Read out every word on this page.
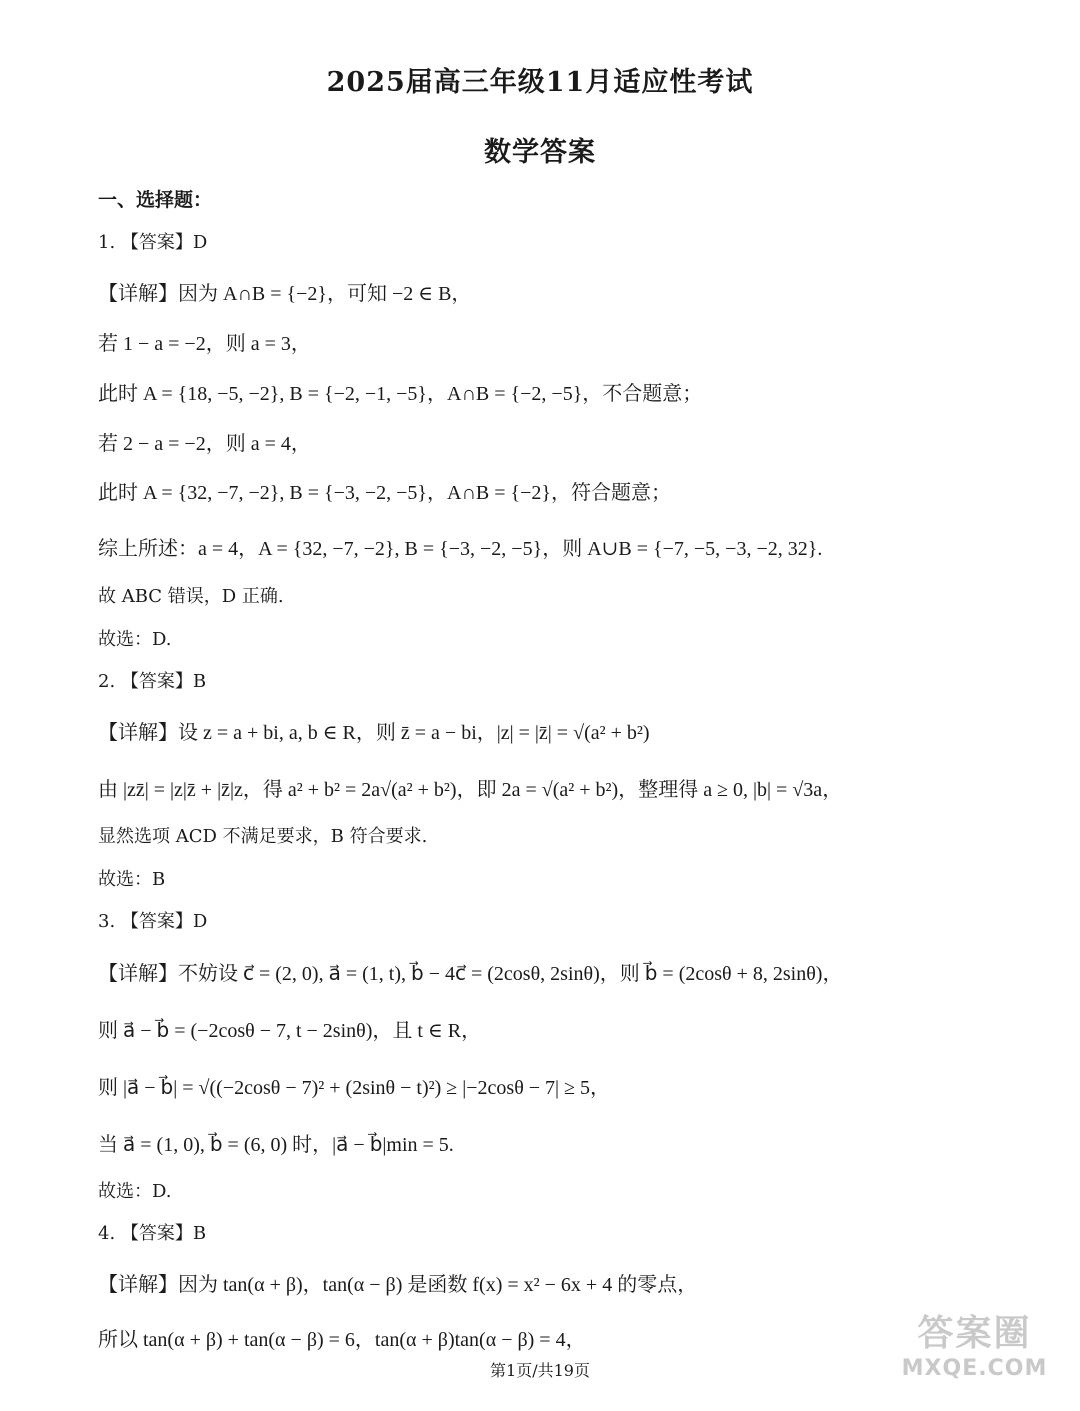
2025届高三年级11月适应性考试
数学答案
一、选择题：
1. 【答案】D
【详解】因为 A∩B = {−2}，可知 −2 ∈ B，
若 1 − a = −2，则 a = 3，
此时 A = {18, −5, −2}, B = {−2, −1, −5}，A∩B = {−2, −5}，不合题意；
若 2 − a = −2，则 a = 4，
此时 A = {32, −7, −2}, B = {−3, −2, −5}，A∩B = {−2}，符合题意；
综上所述：a = 4，A = {32, −7, −2}, B = {−3, −2, −5}，则 A∪B = {−7, −5, −3, −2, 32}.
故 ABC 错误，D 正确.
故选：D.
2. 【答案】B
【详解】设 z = a + bi, a, b ∈ R，则 z̄ = a − bi，|z| = |z̄| = √(a² + b²)
由 |zz̄| = |z|z̄ + |z̄|z，得 a² + b² = 2a√(a² + b²)，即 2a = √(a² + b²)，整理得 a ≥ 0, |b| = √3a，
显然选项 ACD 不满足要求，B 符合要求.
故选：B
3. 【答案】D
【详解】不妨设 c⃗ = (2, 0), a⃗ = (1, t), b⃗ − 4c⃗ = (2cosθ, 2sinθ)，则 b⃗ = (2cosθ + 8, 2sinθ)，
则 a⃗ − b⃗ = (−2cosθ − 7, t − 2sinθ)，且 t ∈ R，
则 |a⃗ − b⃗| = √((−2cosθ − 7)² + (2sinθ − t)²) ≥ |−2cosθ − 7| ≥ 5，
当 a⃗ = (1, 0), b⃗ = (6, 0) 时，|a⃗ − b⃗|min = 5.
故选：D.
4. 【答案】B
【详解】因为 tan(α + β)，tan(α − β) 是函数 f(x) = x² − 6x + 4 的零点，
所以 tan(α + β) + tan(α − β) = 6，tan(α + β)tan(α − β) = 4，
第1页/共19页
答案圈
MXQE.COM
